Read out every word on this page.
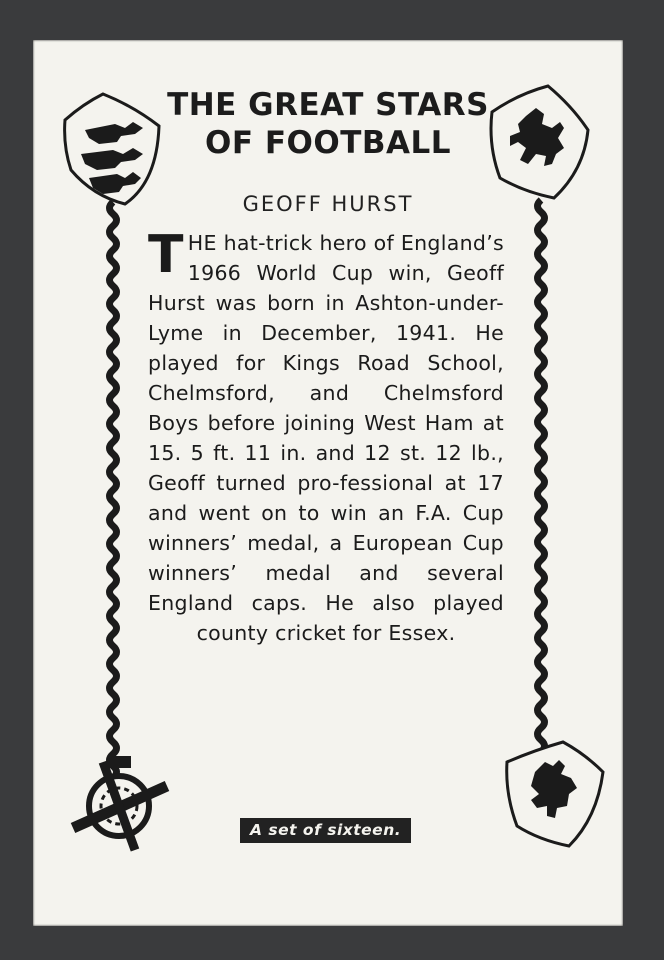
THE GREAT STARS
OF FOOTBALL
GEOFF HURST
THE hat-trick hero of England’s 1966 World Cup win, Geoff Hurst was born in Ashton-under-Lyme in December, 1941. He played for Kings Road School, Chelmsford, and Chelmsford Boys before joining West Ham at 15. 5 ft. 11 in. and 12 st. 12 lb., Geoff turned pro-fessional at 17 and went on to win an F.A. Cup winners’ medal, a European Cup winners’ medal and several England caps. He also played county cricket for Essex.
A set of sixteen.
